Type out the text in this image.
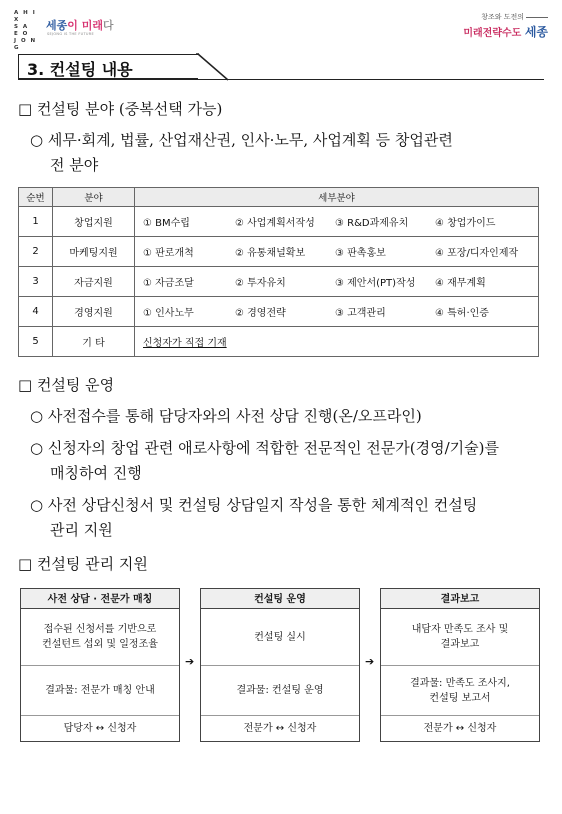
A H I X
S A
E O
J O N G
세종이 미래다
SEJONG IS THE FUTURE
창조와 도전의
미래전략수도 세종
3. 컨설팅 내용
□ 컨설팅 분야 (중복선택 가능)
○ 세무·회계, 법률, 산업재산권, 인사·노무, 사업계획 등 창업관련
전 분야
순번	분야	세부분야
1	창업지원	① BM수립 ② 사업계획서작성 ③ R&D과제유치 ④ 창업가이드
2	마케팅지원	① 판로개척 ② 유통채널확보 ③ 판촉홍보 ④ 포장/디자인제작
3	자금지원	① 자금조달 ② 투자유치 ③ 제안서(PT)작성 ④ 재무계획
4	경영지원	① 인사노무 ② 경영전략 ③ 고객관리 ④ 특허·인증
5	기 타	신청자가 직접 기재
□ 컨설팅 운영
○ 사전접수를 통해 담당자와의 사전 상담 진행(온/오프라인)
○ 신청자의 창업 관련 애로사항에 적합한 전문적인 전문가(경영/기술)를
매칭하여 진행
○ 사전 상담신청서 및 컨설팅 상담일지 작성을 통한 체계적인 컨설팅
관리 지원
□ 컨설팅 관리 지원
사전 상담 · 전문가 매칭
접수된 신청서를 기반으로
컨설턴트 섭외 및 일정조율
결과물: 전문가 매칭 안내
담당자 ↔ 신청자
➔
컨설팅 운영
컨설팅 실시
결과물: 컨설팅 운영
전문가 ↔ 신청자
➔
결과보고
내담자 만족도 조사 및
결과보고
결과물: 만족도 조사지,
컨설팅 보고서
전문가 ↔ 신청자
